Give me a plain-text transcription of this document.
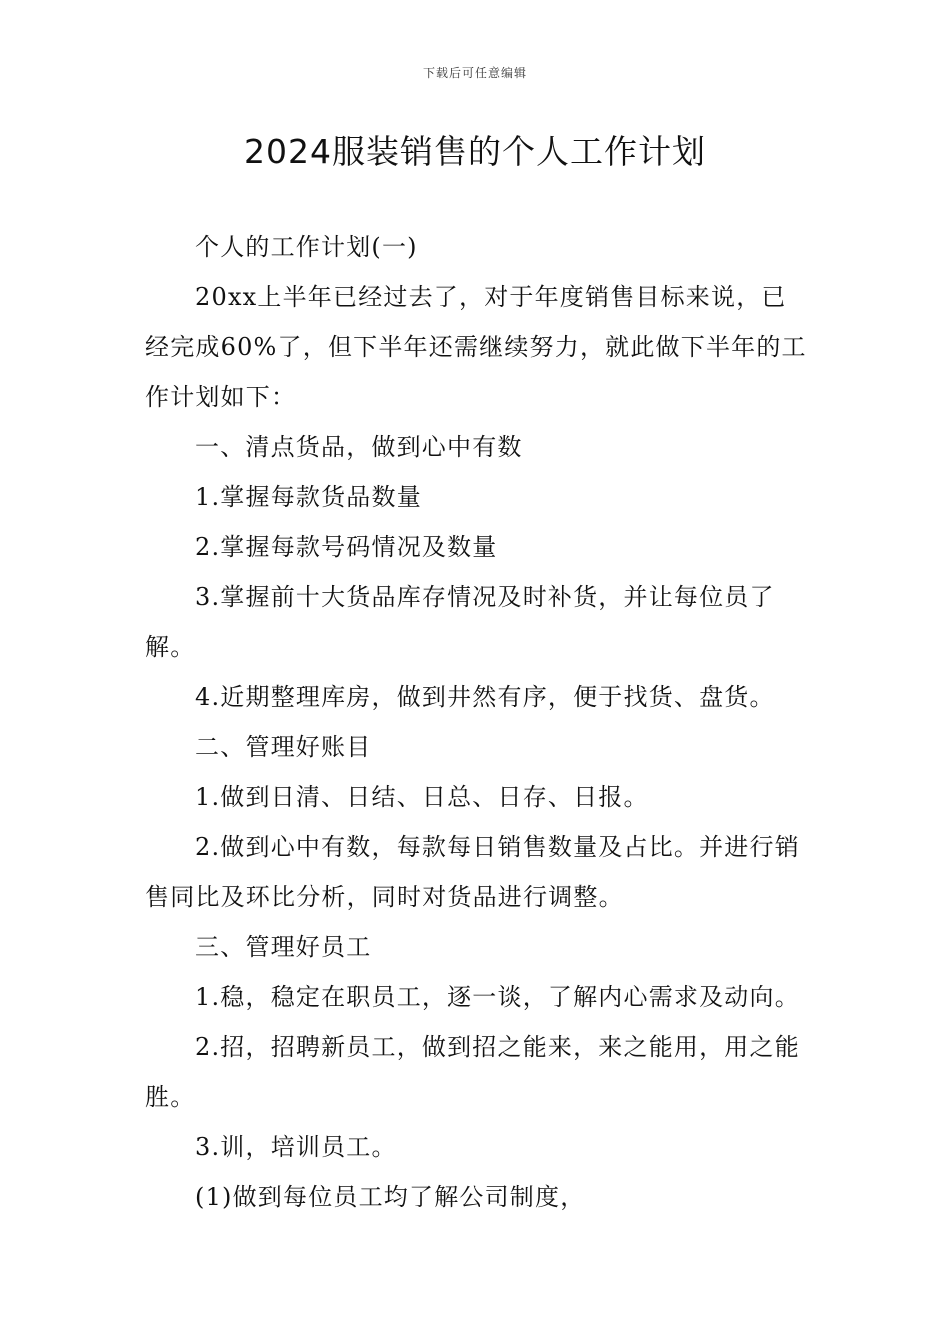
下载后可任意编辑
2024服装销售的个人工作计划

个人的工作计划(一)

20xx上半年已经过去了，对于年度销售目标来说，已经完成60%了，但下半年还需继续努力，就此做下半年的工作计划如下：

一、清点货品，做到心中有数

1.掌握每款货品数量

2.掌握每款号码情况及数量

3.掌握前十大货品库存情况及时补货，并让每位员了解。

4.近期整理库房，做到井然有序，便于找货、盘货。

二、管理好账目

1.做到日清、日结、日总、日存、日报。

2.做到心中有数，每款每日销售数量及占比。并进行销售同比及环比分析，同时对货品进行调整。

三、管理好员工

1.稳，稳定在职员工，逐一谈，了解内心需求及动向。

2.招，招聘新员工，做到招之能来，来之能用，用之能胜。

3.训，培训员工。

(1)做到每位员工均了解公司制度，
